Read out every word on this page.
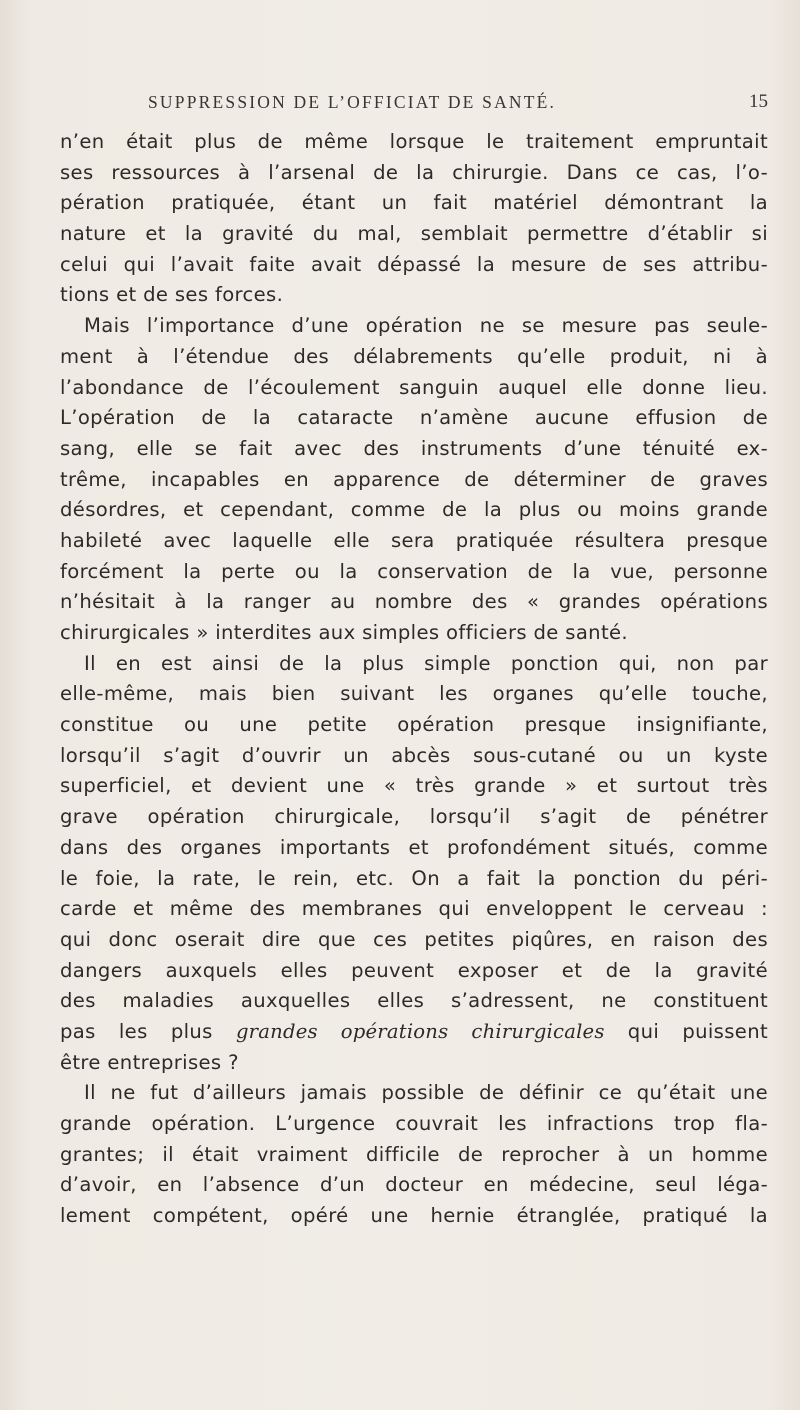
SUPPRESSION DE L’OFFICIAT DE SANTÉ.	15
n’en était plus de même lorsque le traitement empruntait
ses ressources à l’arsenal de la chirurgie. Dans ce cas, l’o-
pération pratiquée, étant un fait matériel démontrant la
nature et la gravité du mal, semblait permettre d’établir si
celui qui l’avait faite avait dépassé la mesure de ses attribu-
tions et de ses forces.
Mais l’importance d’une opération ne se mesure pas seule-
ment à l’étendue des délabrements qu’elle produit, ni à
l’abondance de l’écoulement sanguin auquel elle donne lieu.
L’opération de la cataracte n’amène aucune effusion de
sang, elle se fait avec des instruments d’une ténuité ex-
trême, incapables en apparence de déterminer de graves
désordres, et cependant, comme de la plus ou moins grande
habileté avec laquelle elle sera pratiquée résultera presque
forcément la perte ou la conservation de la vue, personne
n’hésitait à la ranger au nombre des « grandes opérations
chirurgicales » interdites aux simples officiers de santé.
Il en est ainsi de la plus simple ponction qui, non par
elle-même, mais bien suivant les organes qu’elle touche,
constitue ou une petite opération presque insignifiante,
lorsqu’il s’agit d’ouvrir un abcès sous-cutané ou un kyste
superficiel, et devient une « très grande » et surtout très
grave opération chirurgicale, lorsqu’il s’agit de pénétrer
dans des organes importants et profondément situés, comme
le foie, la rate, le rein, etc. On a fait la ponction du péri-
carde et même des membranes qui enveloppent le cerveau :
qui donc oserait dire que ces petites piqûres, en raison des
dangers auxquels elles peuvent exposer et de la gravité
des maladies auxquelles elles s’adressent, ne constituent
pas les plus grandes opérations chirurgicales qui puissent
être entreprises ?
Il ne fut d’ailleurs jamais possible de définir ce qu’était une
grande opération. L’urgence couvrait les infractions trop fla-
grantes; il était vraiment difficile de reprocher à un homme
d’avoir, en l’absence d’un docteur en médecine, seul léga-
lement compétent, opéré une hernie étranglée, pratiqué la
